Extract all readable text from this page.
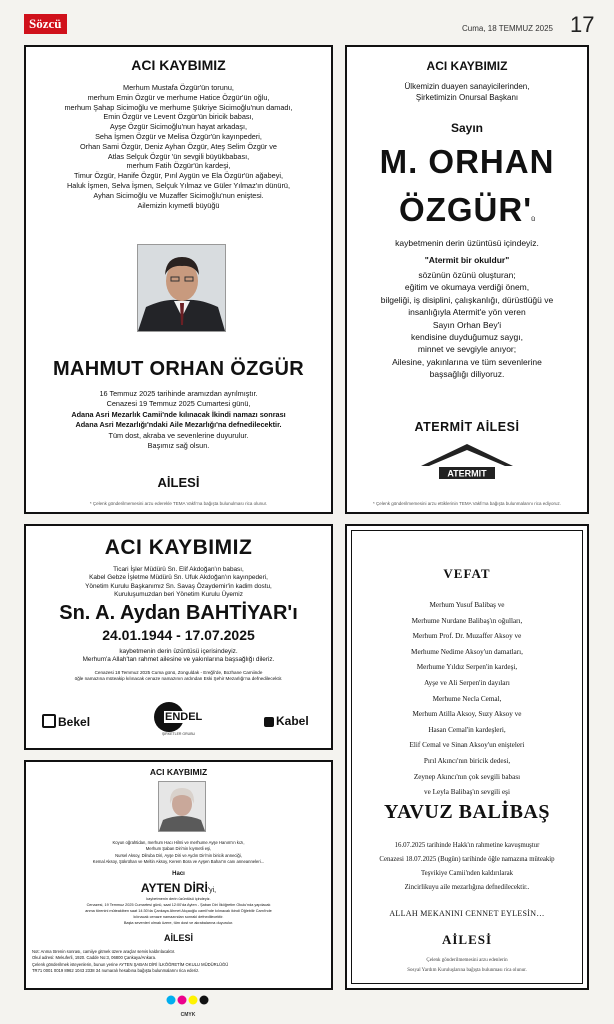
Sözcü	Cuma, 18 TEMMUZ 2025 17
ACI KAYBIMIZ
Merhum Mustafa Özgür'ün torunu,
merhum Emin Özgür ve merhume Hatice Özgür'ün oğlu,
merhum Şahap Sicimoğlu ve merhume Şükriye Sicimoğlu'nun damadı,
Emin Özgür ve Levent Özgür'ün biricik babası,
Ayşe Özgür Sicimoğlu'nun hayat arkadaşı,
Seha İşmen Özgür ve Melisa Özgür'ün kayınpederi,
Orhan Sami Özgür, Deniz Ayhan Özgür, Ateş Selim Özgür ve
Atlas Selçuk Özgür 'ün sevgili büyükbabası,
merhum Fatih Özgür'ün kardeşi,
Timur Özgür, Hanife Özgür, Pırıl Aygün ve Ela Özgür'ün ağabeyi,
Haluk İşmen, Selva İşmen, Selçuk Yılmaz ve Güler Yılmaz'ın dünürü,
Ayhan Sicimoğlu ve Muzaffer Sicimoğlu'nun eniştesi.
Ailemizin kıymetli büyüğü
MAHMUT ORHAN ÖZGÜR
16 Temmuz 2025 tarihinde aramızdan ayrılmıştır.
Cenazesi 19 Temmuz 2025 Cumartesi günü,
Adana Asri Mezarlık Camii'nde kılınacak İkindi namazı sonrası
Adana Asri Mezarlığı'ndaki Aile Mezarlığı'na defnedilecektir.
Tüm dost, akraba ve sevenlerine duyurulur.
Başımız sağ olsun.
AİLESİ
* Çelenk gönderilmemesini arzu ederekle TEMA Vakfı'na bağışta bulunulması rica olunur.
ACI KAYBIMIZ
Ülkemizin duayen sanayicilerinden,
Şirketimizin Onursal Başkanı
Sayın
M. ORHAN
ÖZGÜR'ü
kaybetmenin derin üzüntüsü içindeyiz.
"Atermit bir okuldur"
sözünün özünü oluşturan;
eğitim ve okumaya verdiği önem,
bilgeliği, iş disiplini, çalışkanlığı, dürüstlüğü ve
insanlığıyla Atermit'e yön veren
Sayın Orhan Bey'i
kendisine duyduğumuz saygı,
minnet ve sevgiyle anıyor;
Ailesine, yakınlarına ve tüm sevenlerine
başsağlığı diliyoruz.
ATERMİT AİLESİ
ATERMIT
* Çelenk gönderilmemesini arzu ettiklerinin TEMA Vakfı'na bağışta bulunmalarını rica ediyoruz.
ACI KAYBIMIZ
Ticari İşler Müdürü Sn. Elif Akdoğan'ın babası,
Kabel Gebze İşletme Müdürü Sn. Ufuk Akdoğan'ın kayınpederi,
Yönetim Kurulu Başkanımız Sn. Savaş Özaydemir'in kadim dostu,
Kuruluşumuzdan beri Yönetim Kurulu Üyemiz
Sn. A. Aydan BAHTİYAR'ı
24.01.1944 - 17.07.2025
kaybetmenin derin üzüntüsü içerisindeyiz.
Merhum'a Allah'tan rahmet ailesine ve yakınlarına başsağlığı dileriz.
Cenazesi 18 Temmuz 2025 Cuma günü, Zonguldak - Ereğli'de, Bozhane Camiinde
öğle namazına müteakip kılınacak cenaze namazının ardından Eski Şehir Mezarlığı'na defnedilecektir.
Bekel	ENDEL
ŞİRKETLER GRUBU
Kabel
VEFAT
Merhum Yusuf Balibaş ve
Merhume Nurdane Balibaş'ın oğulları,
Merhum Prof. Dr. Muzaffer Aksoy ve
Merhume Nedime Aksoy'un damatları,
Merhume Yıldız Serpen'in kardeşi,
Ayşe ve Ali Serpen'in dayıları
Merhume Necla Cemal,
Merhum Atilla Aksoy, Suzy Aksoy ve
Hasan Cemal'in kardeşleri,
Elif Cemal ve Sinan Aksoy'un enişteleri
Pırıl Akıncı'nın biricik dedesi,
Zeynep Akıncı'nın çok sevgili babası
ve Leyla Balibaş'ın sevgili eşi
YAVUZ BALİBAŞ
16.07.2025 tarihinde Hakk'ın rahmetine kavuşmuştur
Cenazesi 18.07.2025 (Bugün) tarihinde öğle namazına müteakip
Teşvikiye Camii'nden kaldırılarak
Zincirlikuyu aile mezarlığına defnedilecektir..
ALLAH MEKANINI CENNET EYLESİN…
AİLESİ
Çelenk gönderilmemesini arzu edenlerin
Sosyal Yardım Kuruluşlarına bağışta bulunması rica olunur.
ACI KAYBIMIZ
Koyun oğrahtidan, merhum Hacı Hilmi ve merhume Ayşe Hanım'ın kızı,
Merhum Şaban Diri'nin kıymetli eşi,
Nursel Aksoy, Dilruba Diri, Ayşe Diri ve Aydın Diri'nin biricik anneciği,
Kemal Aksoy, Şükrühan ve Meltin Aksoy, Kerem Bora ve Ayşen Bahar'ın canı anneanneleri...
Hacı
AYTEN DİRİ'yi,
kaybetmenin derin üzüntüsü içindeyiz.
Cenazesi, 19 Temmuz 2025 Cumartesi günü, saat 12:00'da Ayten - Şaban Diri İlköğretim Okulu'nda yapılacak
anma törenini müteakiben saat 14:30'da Çankaya Ahmet Akçaoğlu camii'nde kılınacak ikindi Öğlebilir Cami'nde
kılınacak cenaze namazından sonraki defnedilecektir.
Başta sevenleri olmak üzere, tüm dost ve akrabalarına duyurulur.
AİLESİ
Not: Anma törenin sonrası, camiiye gitmek üzere araçlar servis kaldırılacaktır.
Okul adresi: Mekuferli, 1920. Cadde No:3, 06800 Çankaya/Ankara.
Çelenk gönderilmek isteyenlerin, bunun yerine AYTEN ŞABAN DİRİ İLKÖĞRETİM OKULU MÜDÜRLÜĞÜ
TR71 0001 0019 8962 1043 2338 34 numaralı hesabına bağışta bulunmalarını rica ederiz.
CMYK
